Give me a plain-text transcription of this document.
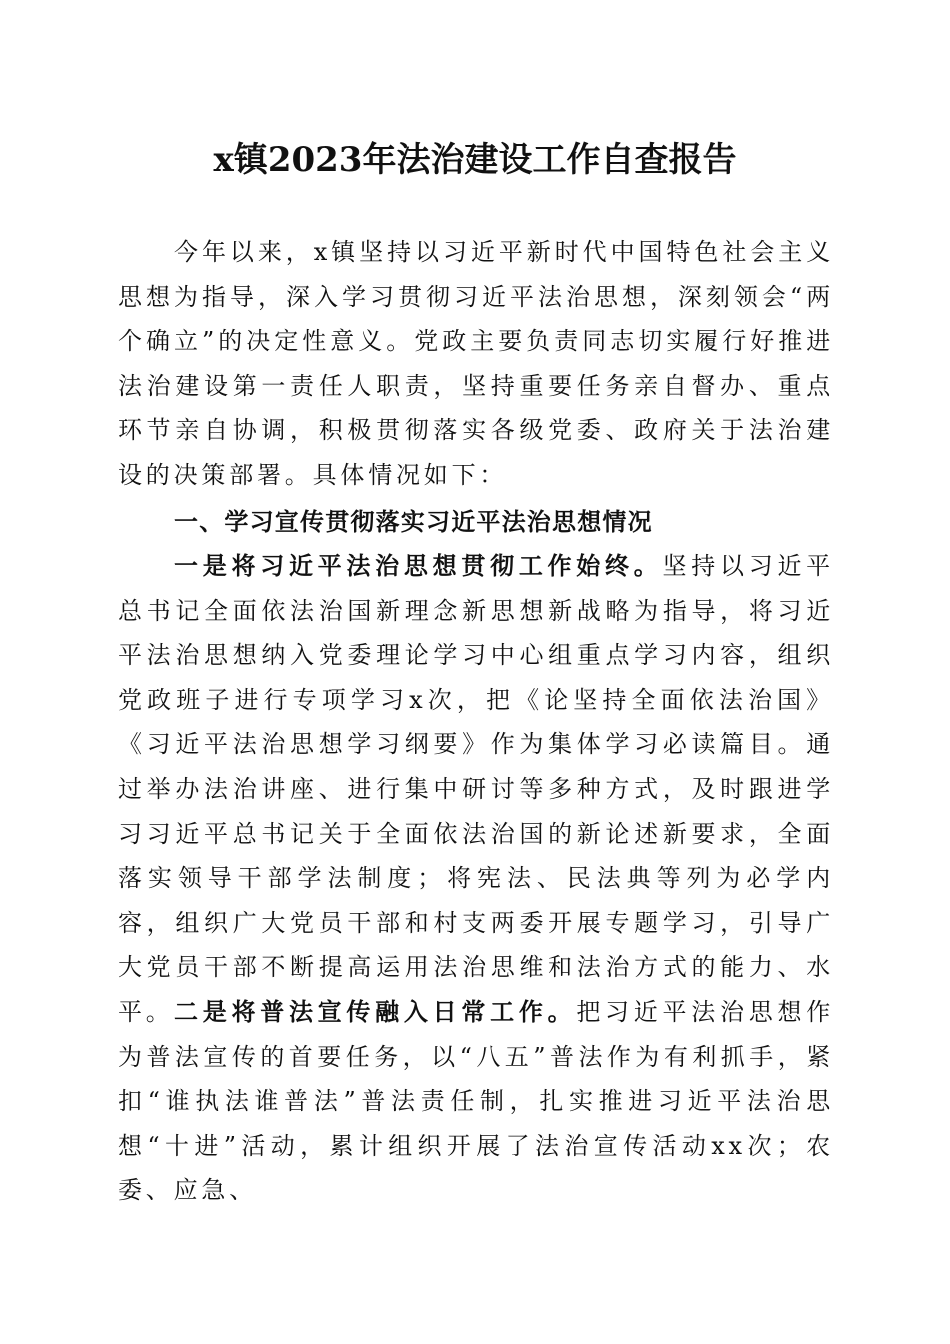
x镇2023年法治建设工作自查报告

今年以来，x镇坚持以习近平新时代中国特色社会主义思想为指导，深入学习贯彻习近平法治思想，深刻领会“两个确立”的决定性意义。党政主要负责同志切实履行好推进法治建设第一责任人职责，坚持重要任务亲自督办、重点环节亲自协调，积极贯彻落实各级党委、政府关于法治建设的决策部署。具体情况如下：

一、学习宣传贯彻落实习近平法治思想情况

一是将习近平法治思想贯彻工作始终。坚持以习近平总书记全面依法治国新理念新思想新战略为指导，将习近平法治思想纳入党委理论学习中心组重点学习内容，组织党政班子进行专项学习x次，把《论坚持全面依法治国》《习近平法治思想学习纲要》作为集体学习必读篇目。通过举办法治讲座、进行集中研讨等多种方式，及时跟进学习习近平总书记关于全面依法治国的新论述新要求，全面落实领导干部学法制度；将宪法、民法典等列为必学内容，组织广大党员干部和村支两委开展专题学习，引导广大党员干部不断提高运用法治思维和法治方式的能力、水平。 二是将普法宣传融入日常工作。把习近平法治思想作为普法宣传的首要任务，以“八五”普法作为有利抓手，紧扣“谁执法谁普法”普法责任制，扎实推进习近平法治思想“十进”活动，累计组织开展了法治宣传活动xx次；农委、应急、
